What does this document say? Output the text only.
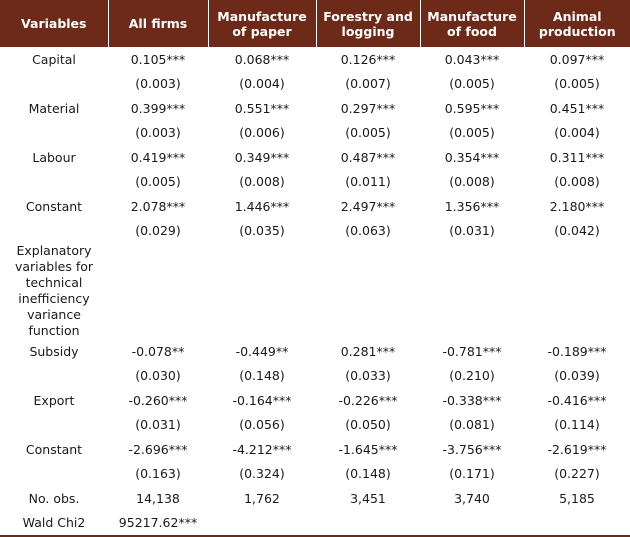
Variables	All firms	Manufacture of paper	Forestry and logging	Manufacture of food	Animal production
Capital	0.105***	0.068***	0.126***	0.043***	0.097***
	(0.003)	(0.004)	(0.007)	(0.005)	(0.005)
Material	0.399***	0.551***	0.297***	0.595***	0.451***
	(0.003)	(0.006)	(0.005)	(0.005)	(0.004)
Labour	0.419***	0.349***	0.487***	0.354***	0.311***
	(0.005)	(0.008)	(0.011)	(0.008)	(0.008)
Constant	2.078***	1.446***	2.497***	1.356***	2.180***
	(0.029)	(0.035)	(0.063)	(0.031)	(0.042)
Explanatory variables for technical inefficiency variance function					
Subsidy	-0.078**	-0.449**	0.281***	-0.781***	-0.189***
	(0.030)	(0.148)	(0.033)	(0.210)	(0.039)
Export	-0.260***	-0.164***	-0.226***	-0.338***	-0.416***
	(0.031)	(0.056)	(0.050)	(0.081)	(0.114)
Constant	-2.696***	-4.212***	-1.645***	-3.756***	-2.619***
	(0.163)	(0.324)	(0.148)	(0.171)	(0.227)
No. obs.	14,138	1,762	3,451	3,740	5,185
Wald Chi2	95217.62***				
